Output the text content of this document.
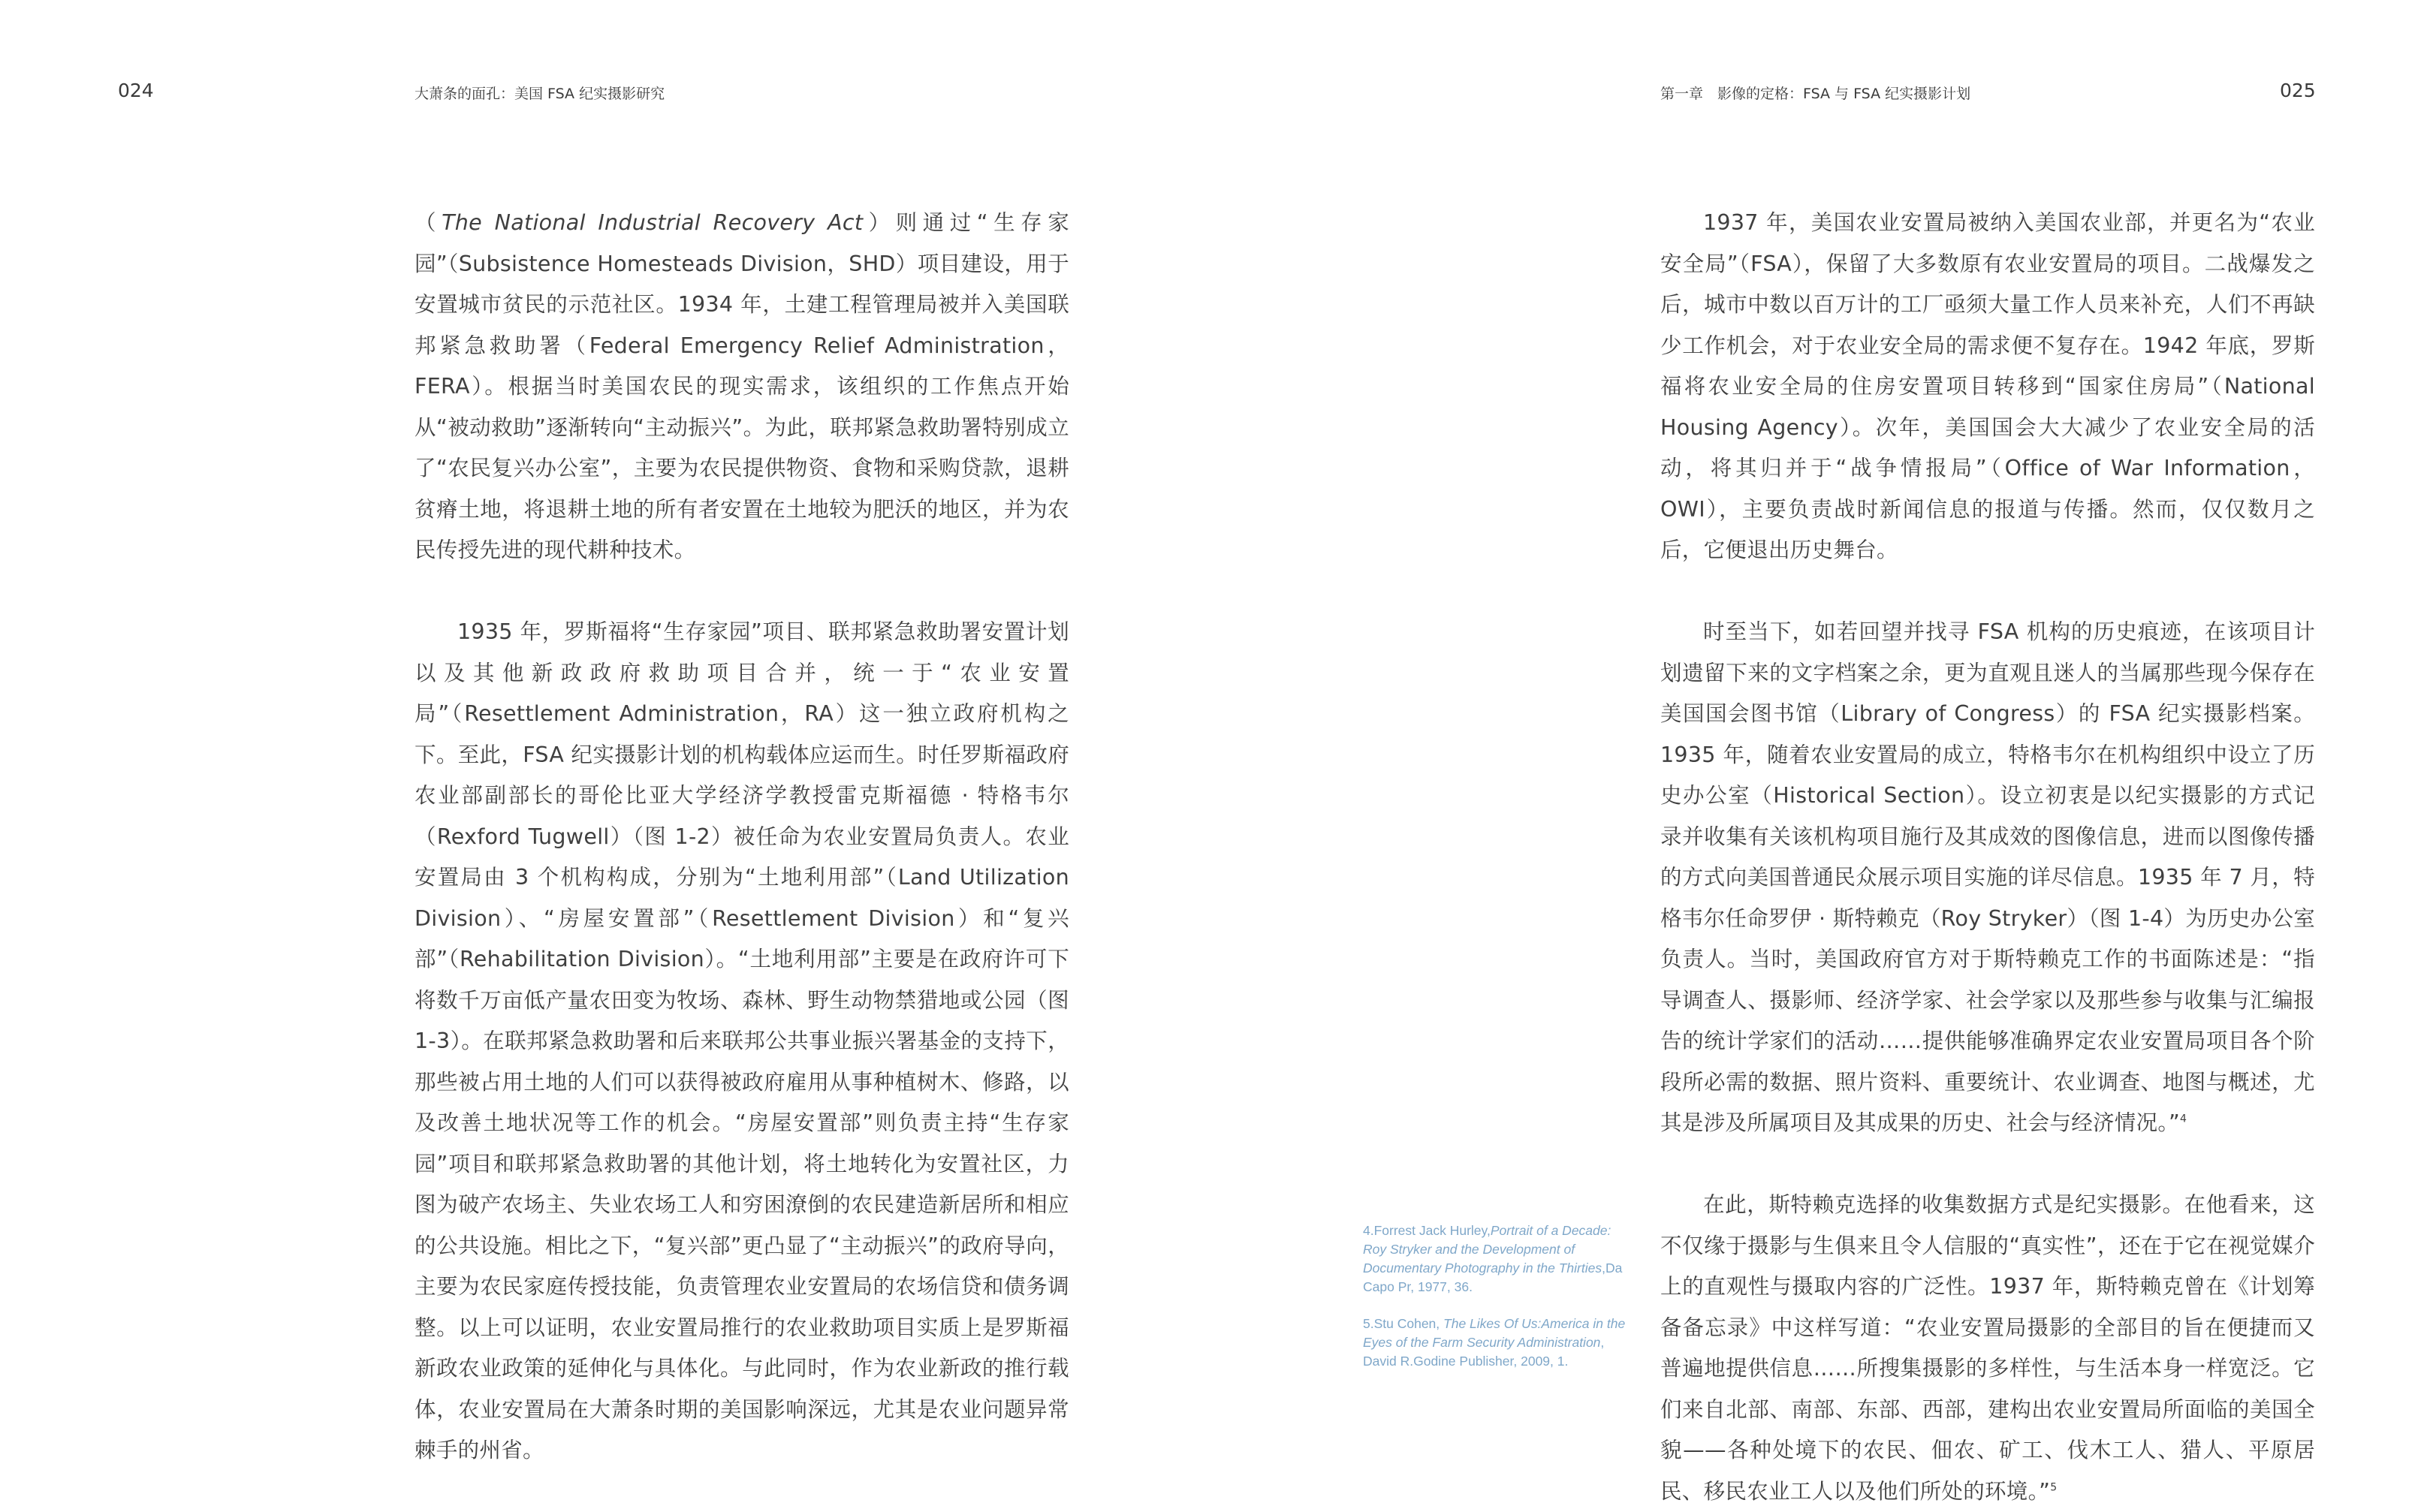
024	大萧条的面孔：美国 FSA 纪实摄影研究

（The National Industrial Recovery Act）则通过“生存家园”（Subsistence Homesteads Division，SHD）项目建设，用于安置城市贫民的示范社区。1934 年，土建工程管理局被并入美国联邦紧急救助署（Federal Emergency Relief Administration，FERA）。根据当时美国农民的现实需求，该组织的工作焦点开始从“被动救助”逐渐转向“主动振兴”。为此，联邦紧急救助署特别成立了“农民复兴办公室”，主要为农民提供物资、食物和采购贷款，退耕贫瘠土地，将退耕土地的所有者安置在土地较为肥沃的地区，并为农民传授先进的现代耕种技术。

1935 年，罗斯福将“生存家园”项目、联邦紧急救助署安置计划以及其他新政政府救助项目合并，统一于“农业安置局”（Resettlement Administration，RA）这一独立政府机构之下。至此，FSA 纪实摄影计划的机构载体应运而生。时任罗斯福政府农业部副部长的哥伦比亚大学经济学教授雷克斯福德 · 特格韦尔（Rexford Tugwell）（图 1-2）被任命为农业安置局负责人。农业安置局由 3 个机构构成，分别为“土地利用部”（Land Utilization Division）、“房屋安置部”（Resettlement Division）和“复兴部”（Rehabilitation Division）。“土地利用部”主要是在政府许可下将数千万亩低产量农田变为牧场、森林、野生动物禁猎地或公园（图 1-3）。在联邦紧急救助署和后来联邦公共事业振兴署基金的支持下，那些被占用土地的人们可以获得被政府雇用从事种植树木、修路，以及改善土地状况等工作的机会。“房屋安置部”则负责主持“生存家园”项目和联邦紧急救助署的其他计划，将土地转化为安置社区，力图为破产农场主、失业农场工人和穷困潦倒的农民建造新居所和相应的公共设施。相比之下，“复兴部”更凸显了“主动振兴”的政府导向，主要为农民家庭传授技能，负责管理农业安置局的农场信贷和债务调整。以上可以证明，农业安置局推行的农业救助项目实质上是罗斯福新政农业政策的延伸化与具体化。与此同时，作为农业新政的推行载体，农业安置局在大萧条时期的美国影响深远，尤其是农业问题异常棘手的州省。

第一章　影像的定格：FSA 与 FSA 纪实摄影计划	025

1937 年，美国农业安置局被纳入美国农业部，并更名为“农业安全局”（FSA），保留了大多数原有农业安置局的项目。二战爆发之后，城市中数以百万计的工厂亟须大量工作人员来补充，人们不再缺少工作机会，对于农业安全局的需求便不复存在。1942 年底，罗斯福将农业安全局的住房安置项目转移到“国家住房局”（National Housing Agency）。次年，美国国会大大减少了农业安全局的活动，将其归并于“战争情报局”（Office of War Information，OWI），主要负责战时新闻信息的报道与传播。然而，仅仅数月之后，它便退出历史舞台。

时至当下，如若回望并找寻 FSA 机构的历史痕迹，在该项目计划遗留下来的文字档案之余，更为直观且迷人的当属那些现今保存在美国国会图书馆（Library of Congress）的 FSA 纪实摄影档案。1935 年，随着农业安置局的成立，特格韦尔在机构组织中设立了历史办公室（Historical Section）。设立初衷是以纪实摄影的方式记录并收集有关该机构项目施行及其成效的图像信息，进而以图像传播的方式向美国普通民众展示项目实施的详尽信息。1935 年 7 月，特格韦尔任命罗伊 · 斯特赖克（Roy Stryker）（图 1-4）为历史办公室负责人。当时，美国政府官方对于斯特赖克工作的书面陈述是：“指导调查人、摄影师、经济学家、社会学家以及那些参与收集与汇编报告的统计学家们的活动……提供能够准确界定农业安置局项目各个阶段所必需的数据、照片资料、重要统计、农业调查、地图与概述，尤其是涉及所属项目及其成果的历史、社会与经济情况。”$^4$

在此，斯特赖克选择的收集数据方式是纪实摄影。在他看来，这不仅缘于摄影与生俱来且令人信服的“真实性”，还在于它在视觉媒介上的直观性与摄取内容的广泛性。1937 年，斯特赖克曾在《计划筹备备忘录》中这样写道：“农业安置局摄影的全部目的旨在便捷而又普遍地提供信息……所搜集摄影的多样性，与生活本身一样宽泛。它们来自北部、南部、东部、西部，建构出农业安置局所面临的美国全貌——各种处境下的农民、佃农、矿工、伐木工人、猎人、平原居民、移民农业工人以及他们所处的环境。”$^5$

4.Forrest Jack Hurley,Portrait of a Decade: Roy Stryker and the Development of Documentary Photography in the Thirties,Da Capo Pr, 1977, 36.

5.Stu Cohen, The Likes Of Us:America in the Eyes of the Farm Security Administration, David R.Godine Publisher, 2009, 1.
